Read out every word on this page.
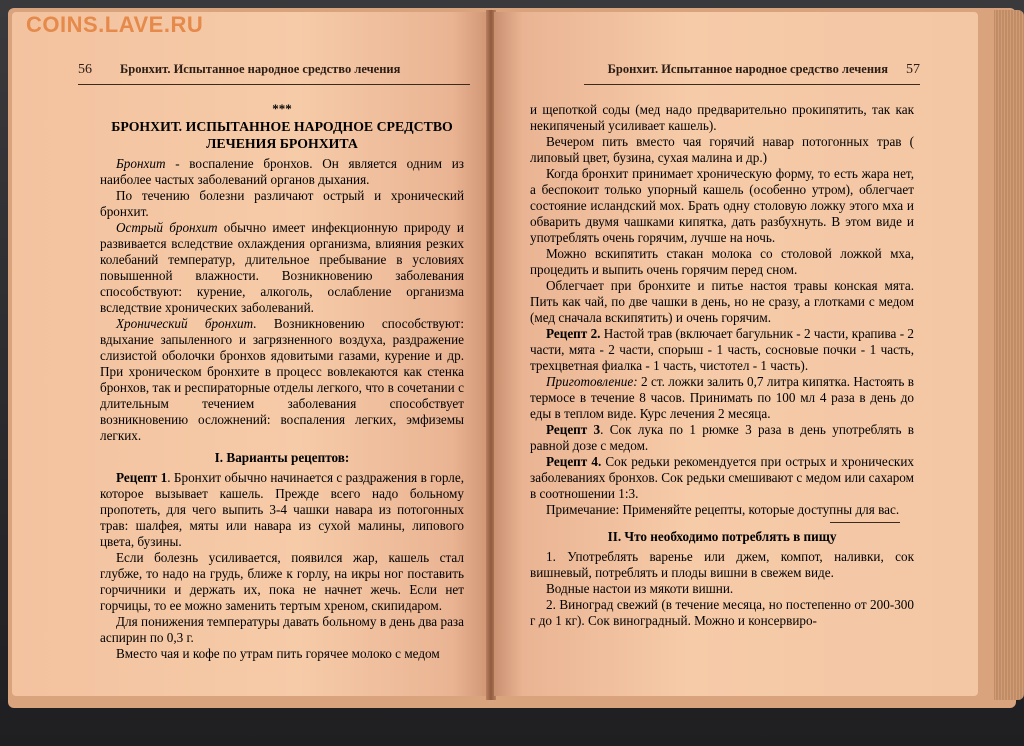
COINS.LAVE.RU
56 Бронхит. Испытанное народное средство лечения	Бронхит. Испытанное народное средство лечения 57
***
БРОНХИТ. ИСПЫТАННОЕ НАРОДНОЕ СРЕДСТВО
ЛЕЧЕНИЯ БРОНХИТА

Бронхит - воспаление бронхов. Он является одним из наиболее частых заболеваний органов дыхания.

По течению болезни различают острый и хронический бронхит.

Острый бронхит обычно имеет инфекционную природу и развивается вследствие охлаждения организма, влияния резких колебаний температур, длительное пребывание в условиях повышенной влажности. Возникновению заболевания способствуют: курение, алкоголь, ослабление организма вследствие хронических заболеваний.

Хронический бронхит. Возникновению способствуют: вдыхание запыленного и загрязненного воздуха, раздражение слизистой оболочки бронхов ядовитыми газами, курение и др. При хроническом бронхите в процесс вовлекаются как стенка бронхов, так и респираторные отделы легкого, что в сочетании с длительным течением заболевания способствует возникновению осложнений: воспаления легких, эмфиземы легких.

I. Варианты рецептов:

Рецепт 1. Бронхит обычно начинается с раздражения в горле, которое вызывает кашель. Прежде всего надо больному пропотеть, для чего выпить 3-4 чашки навара из потогонных трав: шалфея, мяты или навара из сухой малины, липового цвета, бузины.

Если болезнь усиливается, появился жар, кашель стал глубже, то надо на грудь, ближе к горлу, на икры ног поставить горчичники и держать их, пока не начнет жечь. Если нет горчицы, то ее можно заменить тертым хреном, скипидаром.

Для понижения температуры давать больному в день два раза аспирин по 0,3 г.

Вместо чая и кофе по утрам пить горячее молоко с медом

и щепоткой соды (мед надо предварительно прокипятить, так как некипяченый усиливает кашель).

Вечером пить вместо чая горячий навар потогонных трав ( липовый цвет, бузина, сухая малина и др.)

Когда бронхит принимает хроническую форму, то есть жара нет, а беспокоит только упорный кашель (особенно утром), облегчает состояние исландский мох. Брать одну столовую ложку этого мха и обварить двумя чашками кипятка, дать разбухнуть. В этом виде и употреблять очень горячим, лучше на ночь.

Можно вскипятить стакан молока со столовой ложкой мха, процедить и выпить очень горячим перед сном.

Облегчает при бронхите и питье настоя травы конская мята. Пить как чай, по две чашки в день, но не сразу, а глотками с медом (мед сначала вскипятить) и очень горячим.

Рецепт 2. Настой трав (включает багульник - 2 части, крапива - 2 части, мята - 2 части, спорыш - 1 часть, сосновые почки - 1 часть, трехцветная фиалка - 1 часть, чистотел - 1 часть).

Приготовление: 2 ст. ложки залить 0,7 литра кипятка. Настоять в термосе в течение 8 часов. Принимать по 100 мл 4 раза в день до еды в теплом виде. Курс лечения 2 месяца.

Рецепт 3. Сок лука по 1 рюмке 3 раза в день употреблять в равной дозе с медом.

Рецепт 4. Сок редьки рекомендуется при острых и хронических заболеваниях бронхов. Сок редьки смешивают с медом или сахаром в соотношении 1:3.

Примечание: Применяйте рецепты, которые доступны для вас.

II. Что необходимо потреблять в пищу

1. Употреблять варенье или джем, компот, наливки, сок вишневый, потреблять и плоды вишни в свежем виде.

Водные настои из мякоти вишни.

2. Виноград свежий (в течение месяца, но постепенно от 200-300 г до 1 кг). Сок виноградный. Можно и консервиро-
